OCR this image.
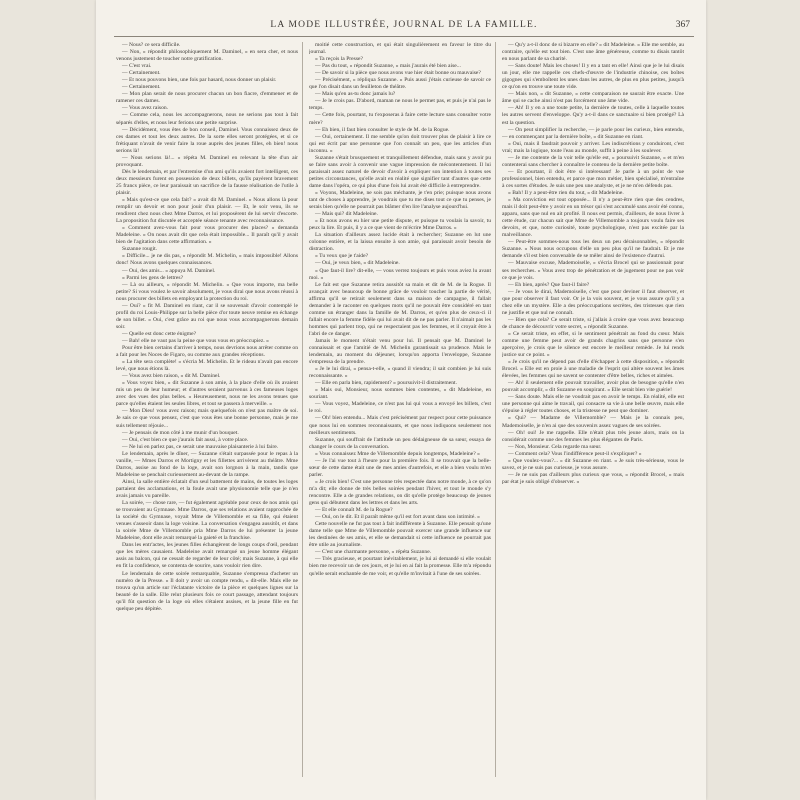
LA MODE ILLUSTRÉE, JOURNAL DE LA FAMILLE.	367

— Nous? ce sera difficile.

— Non, » répondit philosophiquement M. Daminel, « en sera cher, et nous venons justement de toucher notre gratification.

— C'est vrai.

— Certainement.

— Et nous pouvons bien, une fois par hasard, nous donner un plaisir.

— Certainement.

— Mon plan serait de nous procurer chacun un bon fiacre, d'emmener et de ramener ces dames.

— Vous avez raison.

— Comme cela, nous les accompagnerons, nous ne serions pas tout à fait séparés d'elles, et nous leur ferions une petite surprise.

— Décidément, vous êtes de bon conseil, Daminel. Vous connaissez deux de ces dames et tout les deux autres. De la sorte elles seront protégées, et si ce frétiquant n'avait de venir faire la roue auprès des jeunes filles, eh bien! nous serions là!

— Nous serions là!... » répéta M. Daminel en relevant la tête d'un air provoquant.

Dès le lendemain, et par l'entremise d'un ami qu'ils avaient fort intelligent, ces deux messieurs furent en possession de deux billets, qu'ils payèrent bravement 25 francs pièce, ce leur paraissait un sacrifice de la fausse réalisation de l'utile à plaisir.

« Mais qu'est-ce que cela fait? » avait dit M. Daminel. « Nous allons là pour remplir un devoir et non pour jouir d'un plaisir. — Et, le soir venu, ils se rendirent chez nous chez Mme Darros, et lui proposèrent de lui servir d'escorte. La proposition fut discutée et acceptée séance tenante avec reconnaissance.

« Comment avez-vous fait pour vous procurer des places? » demanda Madeleine. « On nous avait dit que cela était impossible... Il paraît qu'il y avait bien de l'agitation dans cette affirmation. »

Suzanne rougit.

« Difficile... je ne dis pas, » répondit M. Michelin, « mais impossible! Allons donc! Nous avons quelques connaissances.

— Oui, des amis... » appuya M. Daminel.

« Parmi les gens de lettres?

— Là ou ailleurs, » répondit M. Michelin. « Que vous importe, ma belle petite? Si vous voulez le savoir absolument, je vous dirai que nous avons réussi à nous procurer des billets en employant la protection du roi.

— Oui? » fit M. Daminel en riant, car il se souvenait d'avoir contemplé le profil du roi Louis-Philippe sur la belle pièce d'or toute neuve remise en échange de son billet. « Oui, c'est grâce au roi que nous vous accompagnerons demain soir.

— Quelle est donc cette énigme?

— Bah! elle ne vaut pas la peine que vous vous en préoccupiez. »

Pour être bien certains d'arriver à temps, nous devrions nous arrêter comme on a fait pour les Noces de Figaro, ou comme aux grandes réceptions.

« La tête sera complète! » s'écria M. Michelin. Et le rideau n'avait pas encore levé, que nous étions là.

— Vous avez bien raison, » dit M. Daminel.

« Vous voyez bien, » dit Suzanne à son amie, à la place d'elle où ils avaient mis un peu de leur humeur; et d'autres seraient parvenus à ces fameuses loges avec des vues des plus belles. « Heureusement, nous ne les avons tenues que parce qu'elles étaient les seules libres, et tout se passera à merveille. »

— Mon Dieu! vous avez raison; mais quelquefois on n'est pas maître de soi. Je sais ce que vous pensez, c'est que vous êtes une bonne personne, mais je me suis tellement réjouie...

— Je pensais de mon côté à me munir d'un bouquet.

— Oui, c'est bien ce que j'aurais fait aussi, à votre place.

— Ne lui en parlez pas, ce serait une mauvaise plaisanterie à lui faire.

Le lendemain, après le dîner, — Suzanne s'était surpassée pour le repas à la vanille, — Mmes Darros et Mortigny et les fillettes arrivèrent au théâtre. Mme Darros, assise au fond de la loge, avait son lorgnon à la main, tandis que Madeleine se penchait curieusement au-devant de la rampe.

Ainsi, la salle entière éclatait d'un seul battement de mains, de toutes les loges partaient des acclamations, et la foule avait une physionomie telle que je n'en avais jamais vu pareille.

La soirée, — chose rare, — fut également agréable pour ceux de nos amis qui se trouvaient au Gymnase. Mme Darros, que ses relations avaient rapprochée de la société du Gymnase, voyait Mme de Villemomble et sa fille, qui étaient venues s'asseoir dans la loge voisine. La conversation s'engagea aussitôt, et dans la soirée Mme de Villemomble pria Mme Darros de lui présenter la jeune Madeleine, dont elle avait remarqué la gaieté et la franchise.

Dans les entr'actes, les jeunes filles échangèrent de longs coups d'œil, pendant que les mères causaient. Madeleine avait remarqué un jeune homme élégant assis au balcon, qui ne cessait de regarder de leur côté; mais Suzanne, à qui elle en fit la confidence, se contenta de sourire, sans vouloir rien dire.

Le lendemain de cette soirée remarquable, Suzanne s'empressa d'acheter un numéro de la Presse. « Il doit y avoir un compte rendu, » dit-elle. Mais elle ne trouva qu'un article sur l'éclatante victoire de la pièce et quelques lignes sur la beauté de la salle. Elle relut plusieurs fois ce court passage, attendant toujours qu'il fût question de la loge où elles s'étaient assises, et la jeune fille en fut quelque peu dépitée.

moitié cette construction, et qui était singulièrement en faveur le titre du journal.

« Ta reçois la Presse?

— Pas du tout, » répondit Suzanne, « mais j'aurais été bien aise...

— De savoir si la pièce que nous avons vue hier était bonne ou mauvaise?

— Précisément, » répliqua Suzanne. « Puis aussi j'étais curieuse de savoir ce que l'on disait dans un feuilleton de théâtre.

— Mais qu'en as-tu donc jamais lu?

— Je le crois pas. D'abord, maman ne nous le permet pas, et puis je n'ai pas le temps.

— Cette fois, pourtant, tu t'exposeras à faire cette lecture sans consulter votre mère?

— Eh bien, il faut bien consulter le style de M. de la Rogue.

— Oui, certainement. Il me semble qu'on doit trouver plus de plaisir à lire ce qui est écrit par une personne que l'on connaît un peu, que les articles d'un inconnu. »

Suzanne s'était brusquement et tranquillement défendue, mais sans y avoir pu se faire sans avoir à convenir une vague impression de mécontentement. Il lui paraissait assez naturel de devoir d'avoir à expliquer son intention à toutes ses petites circonstances, qu'elle avait en réalité que signifier tant d'autres que cette dame dans l'opéra, ce qui plus d'une fois lui avait été difficile à entreprendre.

« Voyons, Madeleine, ne sois pas méchante, je t'en prie; puisque nous avons tant de choses à apprendre, je voudrais que tu me dises tout ce que tu penses, je serais bien qu'elle ne pourrait pas blâmer d'en lire l'analyse aujourd'hui.

— Mais qui? dit Madeleine.

« Et nous avons eu hier une petite dispute, et puisque tu voulais la savoir, tu peux la lire. Et puis, il y a ce que vient de m'écrire Mme Darros. »

La situation d'ailleurs assez lucide était à rechercher; Suzanne en lut une colonne entière, et la laissa ensuite à son amie, qui paraissait avoir besoin de distraction.

« Tu veux que je t'aide?

— Oui, je veux bien, » dit Madeleine.

« Que faut-il lire? dit-elle, — vous verrez toujours et puis vous aviez lu avant moi. »

Le fait est que Suzanne retira aussitôt sa main et dit de M. de la Rogue. Il avançait avec beaucoup de bonne grâce de vouloir toucher la partie de vérité, affirma qu'il se retirait seulement dans sa maison de campagne, il fallait demander à le raconter en quelques mots qu'il ne pouvait être considéré en tant comme un étranger dans la famille de M. Darros, et qu'en plus de ceux-ci il fallait encore la femme fidèle qui lui avait dit de ne pas parler. Il n'aimait pas les hommes qui parlent trop, qui ne respectaient pas les femmes, et il croyait être à l'abri de ce danger.

Jamais le moment n'était venu pour lui. Il pensait que M. Daminel le connaissait et que l'amitié de M. Michelin garantissait sa prudence. Mais le lendemain, au moment du déjeuner, lorsqu'on apporta l'enveloppe, Suzanne s'empressa de la prendre.

« Je le lui dirai, » pensa-t-elle, « quand il viendra; il sait combien je lui suis reconnaissante. »

— Elle en parla bien, rapidement? » poursuivit-il distraitement.

« Mais oui, Monsieur, nous sommes bien contentes, » dit Madeleine, en souriant.

— Vous voyez, Madeleine, ce n'est pas lui qui vous a envoyé les billets, c'est le roi.

— Oh! bien entendu... Mais c'est précisément par respect pour cette puissance que nous lui en sommes reconnaissants, et que nous indiquons seulement nos meilleurs sentiments.

Suzanne, qui souffrait de l'attitude un peu dédaigneuse de sa sœur, essaya de changer le cours de la conversation.

« Vous connaissez Mme de Villemomble depuis longtemps, Madeleine? »

— Je l'ai vue tout à l'heure pour la première fois. Il se trouvait que la belle-sœur de cette dame était une de mes amies d'autrefois, et elle a bien voulu m'en parler.

« Je crois bien! C'est une personne très respectée dans notre monde, à ce qu'on m'a dit; elle donne de très belles soirées pendant l'hiver, et tout le monde s'y rencontre. Elle a de grandes relations, on dit qu'elle protège beaucoup de jeunes gens qui débutent dans les lettres et dans les arts.

— Et elle connaît M. de la Rogue?

— Oui, on le dit. Et il paraît même qu'il est fort avant dans son intimité. »

Cette nouvelle ne fut pas tout à fait indifférente à Suzanne. Elle pensait qu'une dame telle que Mme de Villemomble pouvait exercer une grande influence sur les destinées de ses amis, et elle se demandait si cette influence ne pourrait pas être utile au journaliste.

— C'est une charmante personne, » répéta Suzanne.

— Très gracieuse, et pourtant inévitablement, je lui ai demandé si elle voulait bien me recevoir un de ces jours, et je lui en ai fait la promesse. Elle m'a répondu qu'elle serait enchantée de me voir, et qu'elle m'invitait à l'une de ses soirées.

— Qu'y a-t-il donc de si bizarre en elle? » dit Madeleine. « Elle me semble, au contraire, qu'elle est tout bien. C'est une âme généreuse, comme tu disais tantôt en nous parlant de sa charité.

— Sans doute! Mais les choses! Il y en a tant en elle! Ainsi que je le lui disais un jour, elle me rappelle ces chefs-d'œuvre de l'industrie chinoise, ces boîtes gigognes qui s'emboîtent les unes dans les autres, de plus en plus petites, jusqu'à ce qu'on en trouve une toute vide.

— Mais non, » dit Suzanne, « cette comparaison ne saurait être exacte. Une âme qui se cache ainsi n'est pas forcément une âme vide.

— Ah! Il y en a une toute petite, la dernière de toutes, celle à laquelle toutes les autres servent d'enveloppe. Qu'y a-t-il dans ce sanctuaire si bien protégé? Là est la question.

— On peut simplifier la recherche, — je parle pour les curieux, bien entendu, — en commençant par la dernière boîte, » dit Suzanne en riant.

« Oui, mais il faudrait pouvoir y arriver. Les indiscrétions y conduiront, c'est vrai; mais la logique, toute l'eau au monde, suffit à peine à les soulever.

— Je me contente de la voir telle qu'elle est, » poursuivit Suzanne, « et m'en contenterai sans chercher à connaître le contenu de la dernière petite boîte.

— Et pourtant, il doit être si intéressant! Je parle à un point de vue professionnel, bien entendu, et parce que mon métier, bien spécialisé, m'entraîne à ces sortes d'études. Je suis une peu une analyste, et je ne m'en défends pas.

« Bah! Il y a peut-être rien du tout, » dit Madeleine.

« Ma conviction est tout opposée... Il n'y a peut-être rien que des cendres, mais il doit peut-être y avoir en un trésor qui s'est accumulé sans avoir été connu, apparu, sans que nul en ait profité. Il nous est permis, d'ailleurs, de nous livrer à cette étude, car chacun sait que Mme de Villemomble a toujours voulu faire ses devoirs, et que, notre curiosité, toute psychologique, n'est pas excitée par la malveillance.

— Peut-être sommes-nous tous les deux un peu déraisonnables, » répondit Suzanne. « Nous nous occupons d'elle un peu plus qu'il ne faudrait. Et je me demande s'il est bien convenable de se mêler ainsi de l'existence d'autrui.

— Mauvaise excuse, Mademoiselle, » s'écria Brocel qui se passionnait pour ses recherches. « Vous avez trop de pénétration et de jugement pour ne pas voir ce que je vois.

— Eh bien, après? Que faut-il faire?

— Je vous le dirai, Mademoiselle, c'est que pour deviner il faut observer, et que pour observer il faut voir. Or je la vois souvent, et je vous assure qu'il y a chez elle un mystère. Elle a des préoccupations secrètes, des tristesses que rien ne justifie et que nul ne connaît.

— Bien que cela? Ce serait triste, si j'allais à croire que vous avez beaucoup de chance de découvrir votre secret, » répondit Suzanne.

« Ce serait triste, en effet, si le sentiment pénétrait au fond du cœur. Mais comme une femme peut avoir de grands chagrins sans que personne s'en aperçoive, je crois que le silence est encore le meilleur remède. Je lui rends justice sur ce point. »

« Je crois qu'il ne dépend pas d'elle d'échapper à cette disposition, » répondit Brocel. « Elle est en proie à une maladie de l'esprit qui altère souvent les âmes élevées, les femmes qui ne savent se contenter d'être belles, riches et aimées.

— Ah! il seulement elle pouvait travailler, avoir plus de besogne qu'elle n'en pouvait accomplir, » dit Suzanne en soupirant. « Elle serait bien vite guérie!

— Sans doute. Mais elle ne voudrait pas en avoir le temps. En réalité, elle est une personne qui aime le travail, qui consacre sa vie à une belle œuvre, mais elle s'épuise à régler toutes choses, et la tristesse ne peut que dominer.

« Qui? — Madame de Villemomble? — Mais je la connais peu, Mademoiselle, je n'en ai que des souvenirs assez vagues de ses soirées.

— Oh! oui! Je me rappelle. Elle n'était plus très jeune alors, mais on la considérait comme une des femmes les plus élégantes de Paris.

— Non, Monsieur. Cela regarde ma sœur.

— Comment cela? Vous l'indifférence peut-il s'expliquer? »

« Que voulez-vous?... » dit Suzanne en riant. « Je suis très-sérieuse, vous le savez, et je ne suis pas curieuse, je vous assure.

— Je ne suis pas d'ailleurs plus curieux que vous, » répondit Brocel, « mais par état je suis obligé d'observer. »
